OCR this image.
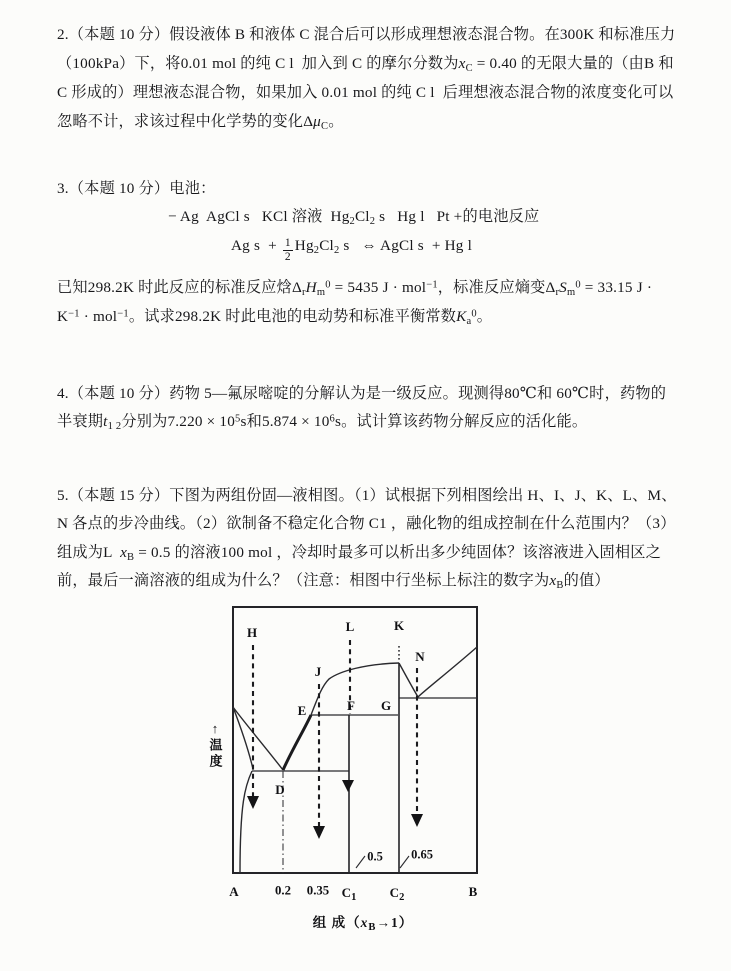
2.（本题 10 分）假设液体 B 和液体 C 混合后可以形成理想液态混合物。在300K 和标准压力
（100kPa）下，将0.01 mol 的纯 C l  加入到 C 的摩尔分数为$x_C = 0.40$ 的无限大量的（由B 和
C 形成的）理想液态混合物，如果加入 0.01 mol 的纯 C l  后理想液态混合物的浓度变化可以
忽略不计，求该过程中化学势的变化$\Delta\mu_C$。
3.（本题 10 分）电池：
− Ag  AgCl s   KCl 溶液  $Hg_2Cl_2$ s   Hg l   Pt +的电池反应
Ag $s + \frac{1}{2} Hg_2Cl_2$ s   ⇔ AgCl s  + Hg l
已知298.2K 时此反应的标准反应焓$\Delta_rH_m^0 = 5435$ J · mol$^{-1}$，标准反应熵变$\Delta_rS_m^0 = 33.15$ J ·
$K^{-1} \cdot mol^{-1}$。试求298.2K 时此电池的电动势和标准平衡常数$K_a^0$。
4.（本题 10 分）药物 5—氟尿嘧啶的分解认为是一级反应。现测得80℃和 60℃时，药物的
半衰期$t_{1 2}$分别为$7.220 \times 10^5s$和$5.874 \times 10^6s$。试计算该药物分解反应的活化能。
5.（本题 15 分）下图为两组份固—液相图。（1）试根据下列相图绘出 H、I、J、K、L、M、
N 各点的步冷曲线。（2）欲制备不稳定化合物 C1 ，融化物的组成控制在什么范围内？（3）
组成为L  $x_B = 0.5$ 的溶液100 mol ，冷却时最多可以析出多少纯固体？该溶液进入固相区之
前，最后一滴溶液的组成为什么？（注意：相图中行坐标上标注的数字为$x_B$的值）
H	L	K
N
J
E	F G
D
A	0.2 0.35 $C_1$	$C_2$	B
0.5 0.65
组 成$(x_B\to 1)$
↑
温度
